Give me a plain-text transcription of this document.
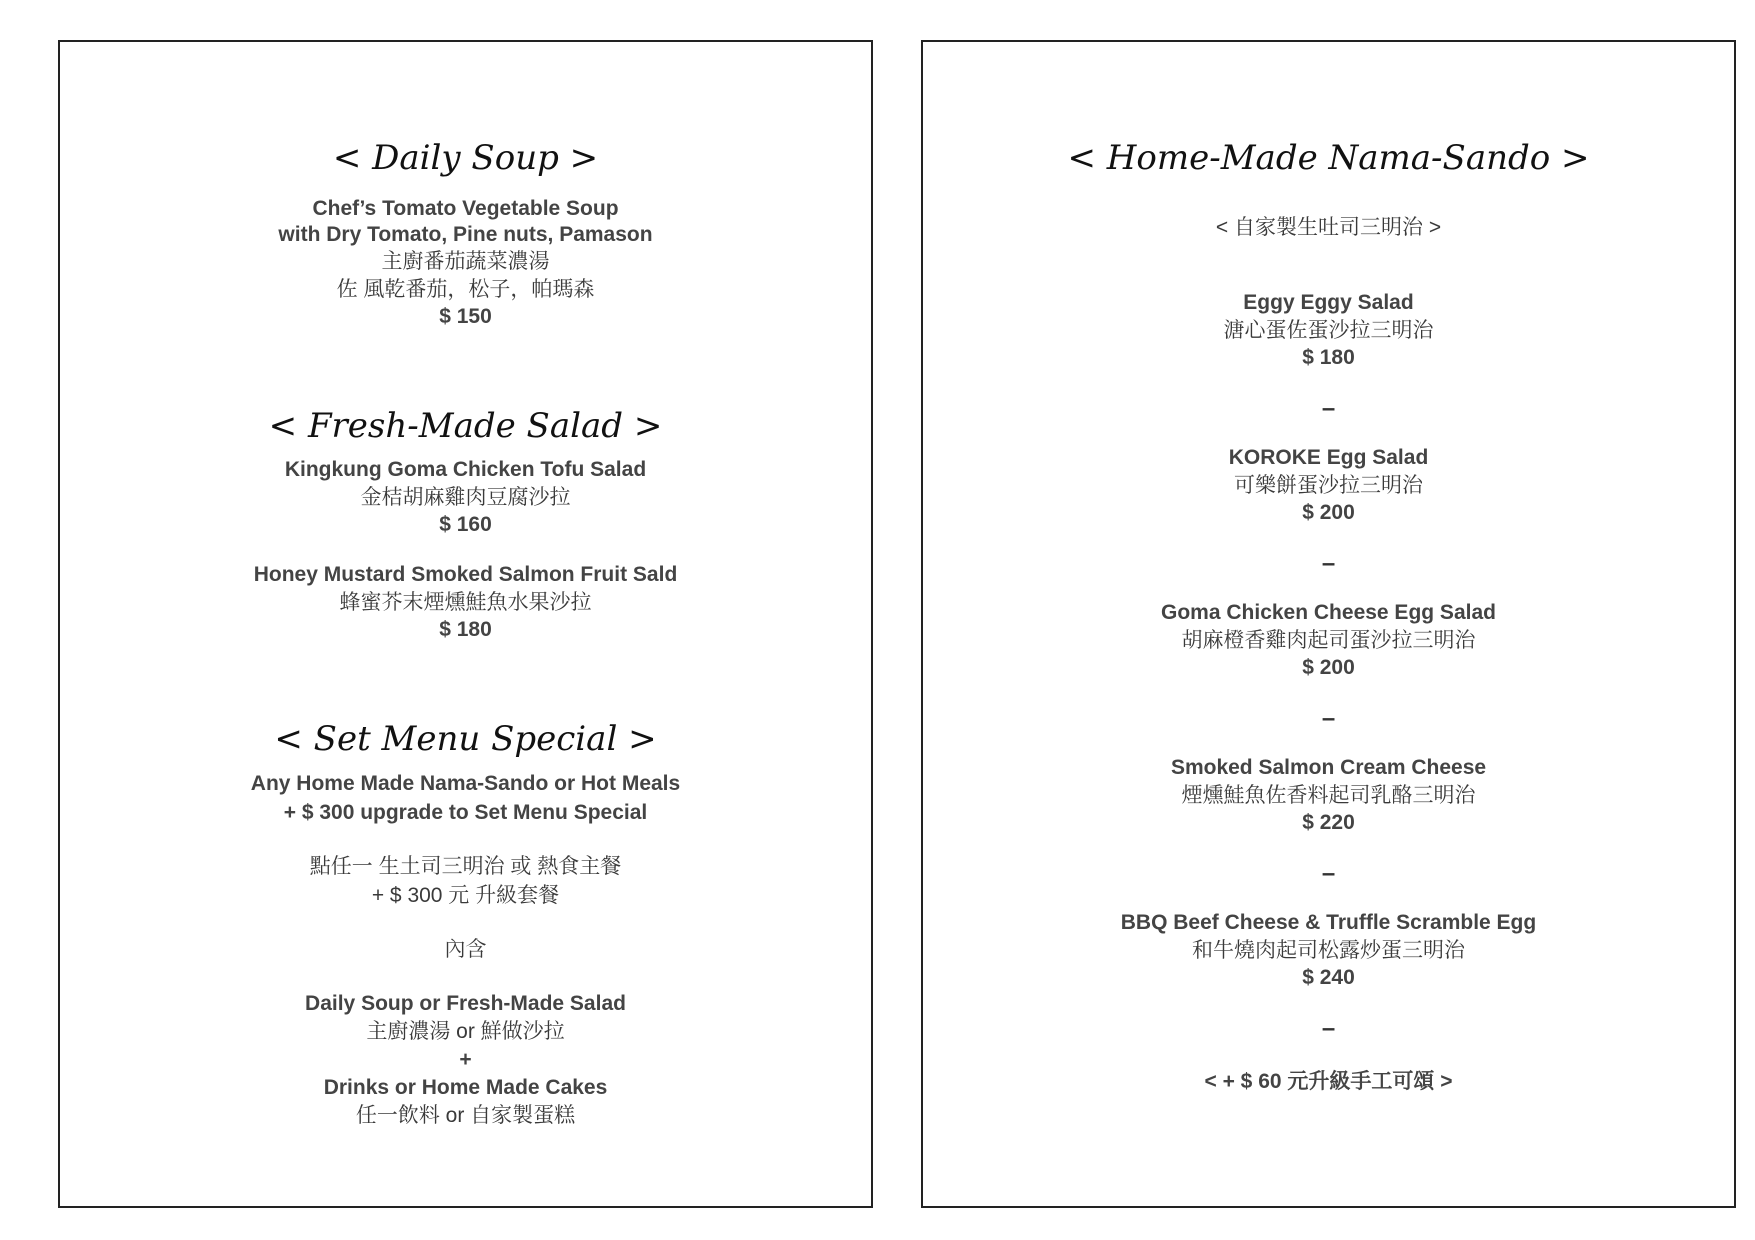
< Daily Soup >
Chef’s Tomato Vegetable Soup
with Dry Tomato, Pine nuts, Pamason
主廚番茄蔬菜濃湯
佐 風乾番茄，松子，帕瑪森
$ 150
< Fresh-Made Salad >
Kingkung Goma Chicken Tofu Salad
金桔胡麻雞肉豆腐沙拉
$ 160
Honey Mustard Smoked Salmon Fruit Sald
蜂蜜芥末煙燻鮭魚水果沙拉
$ 180
< Set Menu Special >
Any Home Made Nama-Sando or Hot Meals
+ $ 300 upgrade to Set Menu Special
點任一 生土司三明治 或 熱食主餐
+ $ 300 元 升級套餐
內含
Daily Soup or Fresh-Made Salad
主廚濃湯 or 鮮做沙拉
+
Drinks or Home Made Cakes
任一飲料 or 自家製蛋糕
< Home-Made Nama-Sando >
< 自家製生吐司三明治 >
Eggy Eggy Salad
溏心蛋佐蛋沙拉三明治
$ 180
–
KOROKE Egg Salad
可樂餅蛋沙拉三明治
$ 200
–
Goma Chicken Cheese Egg Salad
胡麻橙香雞肉起司蛋沙拉三明治
$ 200
–
Smoked Salmon Cream Cheese
煙燻鮭魚佐香料起司乳酪三明治
$ 220
–
BBQ Beef Cheese & Truffle Scramble Egg
和牛燒肉起司松露炒蛋三明治
$ 240
–
< + $ 60 元升級手工可頌 >
